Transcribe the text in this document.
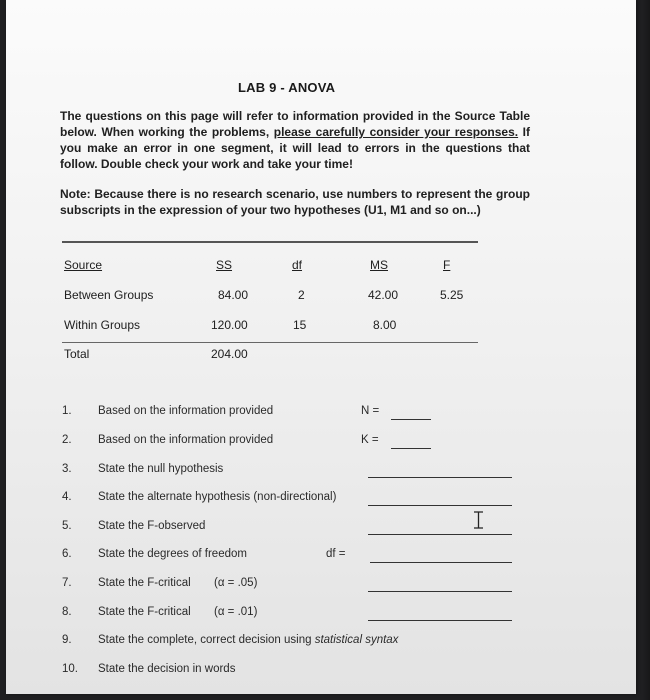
LAB 9 - ANOVA
The questions on this page will refer to information provided in the Source Table below. When working the problems, please carefully consider your responses. If you make an error in one segment, it will lead to errors in the questions that follow. Double check your work and take your time!
Note: Because there is no research scenario, use numbers to represent the group subscripts in the expression of your two hypotheses (U1, M1 and so on...)
Source	SS	df	MS	F
Between Groups	84.00	2	42.00	5.25
Within Groups	120.00	15	8.00
Total	204.00
1. Based on the information provided	N =
2. Based on the information provided	K =
3. State the null hypothesis
4. State the alternate hypothesis (non-directional)
5. State the F-observed
6. State the degrees of freedom	df =
7. State the F-critical (α = .05)
8. State the F-critical (α = .01)
9. State the complete, correct decision using statistical syntax
10. State the decision in words
